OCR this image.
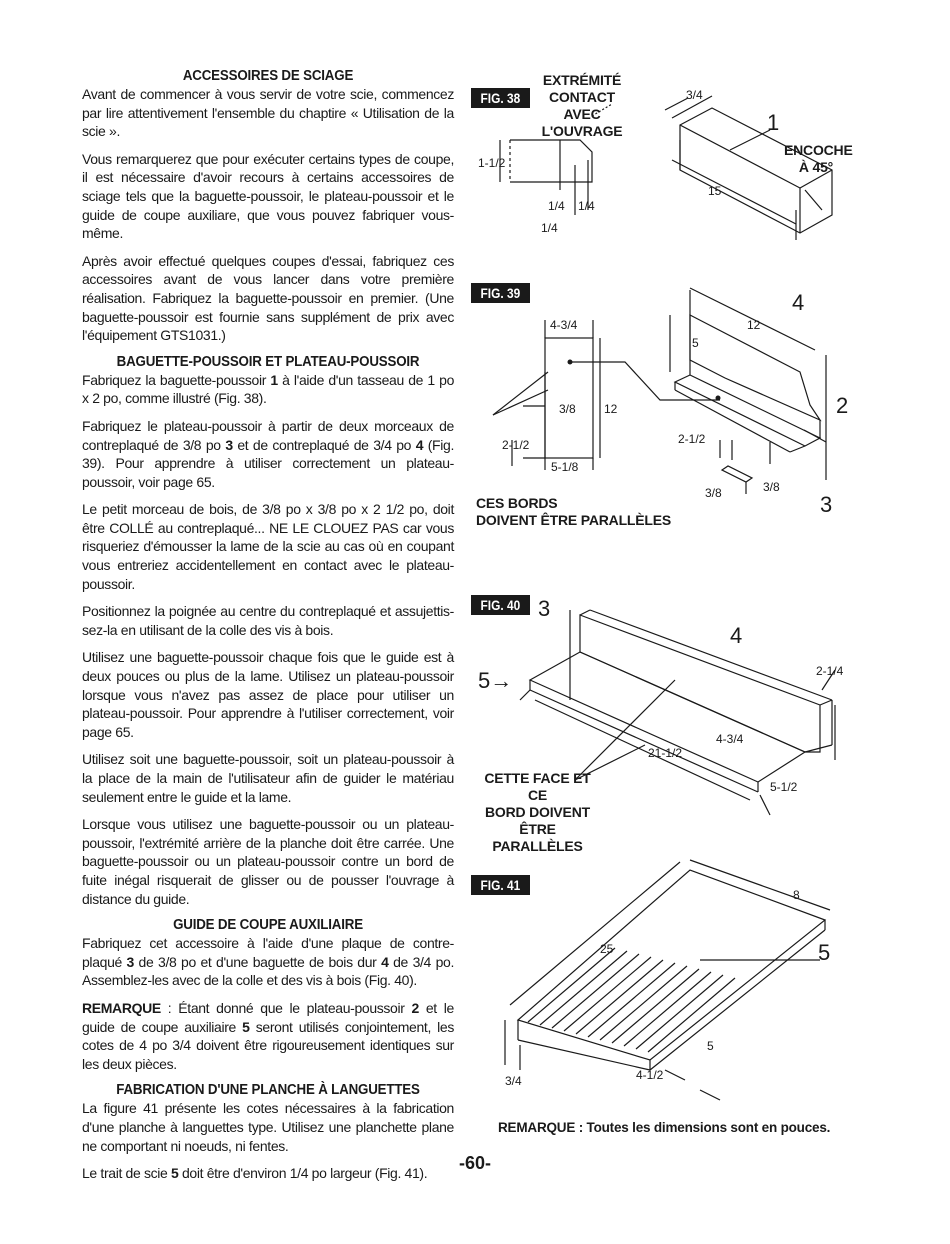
ACCESSOIRES DE SCIAGE

Avant de commencer à vous servir de votre scie, commencez par lire attentivement l'ensemble du chaptire « Utilisation de la scie ».

Vous remarquerez que pour exécuter certains types de coupe, il est nécessaire d'avoir recours à certains accessoires de sciage tels que la baguette-poussoir, le plateau-poussoir et le guide de coupe auxiliare, que vous pouvez fabriquer vous-même.

Après avoir effectué quelques coupes d'essai, fabriquez ces accessoires avant de vous lancer dans votre première réalisation. Fabriquez la baguette-poussoir en premier. (Une baguette-poussoir est fournie sans supplément de prix avec l'équipement GTS1031.)

BAGUETTE-POUSSOIR ET PLATEAU-POUSSOIR

Fabriquez la baguette-poussoir 1 à l'aide d'un tasseau de 1 po x 2 po, comme illustré (Fig. 38).

Fabriquez le plateau-poussoir à partir de deux morceaux de contreplaqué de 3/8 po 3 et de contreplaqué de 3/4 po 4 (Fig. 39). Pour apprendre à utiliser correctement un plateau-poussoir, voir page 65.

Le petit morceau de bois, de 3/8 po x 3/8 po x 2 1/2 po, doit être COLLÉ au contreplaqué... NE LE CLOUEZ PAS car vous risqueriez d'émousser la lame de la scie au cas où en coupant vous entreriez accidentellement en contact avec le plateau-poussoir.

Positionnez la poignée au centre du contreplaqué et assujettis-sez-la en utilisant de la colle des vis à bois.

Utilisez une baguette-poussoir chaque fois que le guide est à deux pouces ou plus de la lame. Utilisez un plateau-poussoir lorsque vous n'avez pas assez de place pour utiliser un plateau-poussoir. Pour apprendre à l'utiliser correctement, voir page 65.

Utilisez soit une baguette-poussoir, soit un plateau-poussoir à la place de la main de l'utilisateur afin de guider le matériau seulement entre le guide et la lame.

Lorsque vous utilisez une baguette-poussoir ou un plateau-poussoir, l'extrémité arrière de la planche doit être carrée. Une baguette-poussoir ou un plateau-poussoir contre un bord de fuite inégal risquerait de glisser ou de pousser l'ouvrage à distance du guide.

GUIDE DE COUPE AUXILIAIRE

Fabriquez cet accessoire à l'aide d'une plaque de contre-plaqué 3 de 3/8 po et d'une baguette de bois dur 4 de 3/4 po. Assemblez-les avec de la colle et des vis à bois (Fig. 40).

REMARQUE : Étant donné que le plateau-poussoir 2 et le guide de coupe auxiliaire 5 seront utilisés conjointement, les cotes de 4 po 3/4 doivent être rigoureusement identiques sur les deux pièces.

FABRICATION D'UNE PLANCHE À LANGUETTES

La figure 41 présente les cotes nécessaires à la fabrication d'une planche à languettes type. Utilisez une planchette plane ne comportant ni noeuds, ni fentes.

Le trait de scie 5 doit être d'environ 1/4 po largeur (Fig. 41).

FIG. 38
EXTRÉMITÉ
CONTACT AVEC
L'OUVRAGE
3/4
1-1/2
1/4 1/4
1/4
15
ENCOCHE
À 45°
1
FIG. 39
4-3/4
3/8 12
2-1/2
5-1/8
12
5
2-1/2
3/8	3/8
4
2
3
CES BORDS
DOIVENT ÊTRE PARALLÈLES
FIG. 40 3
4
5→	2-1/4
4-3/4
21-1/2
5-1/2
CETTE FACE ET CE
BORD DOIVENT
ÊTRE PARALLÈLES
FIG. 41
8
25	5
5
4-1/2
3/4
REMARQUE : Toutes les dimensions sont en pouces.
-60-
